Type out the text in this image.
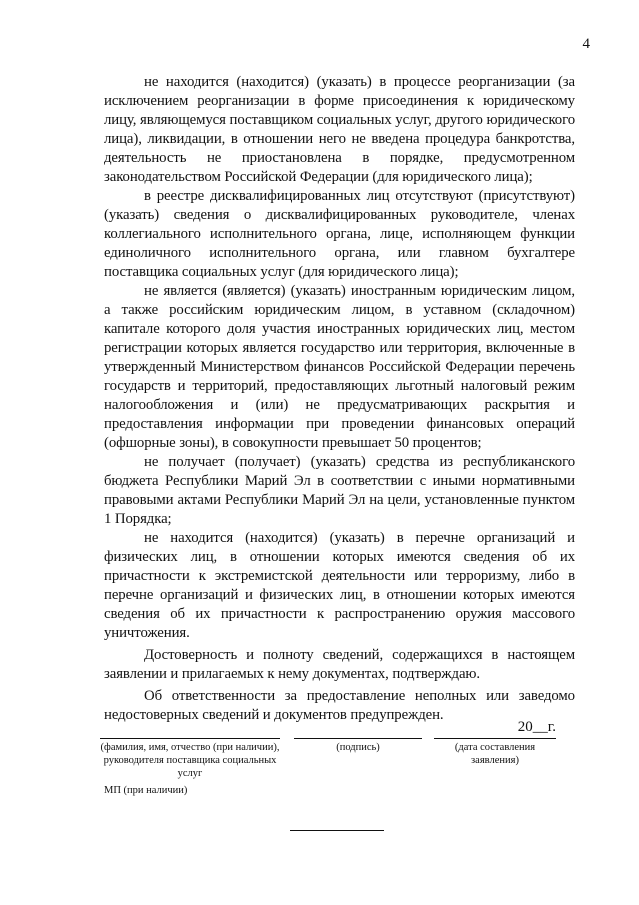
4

не находится (находится) (указать) в процессе реорганизации (за исключением реорганизации в форме присоединения к юридическому лицу, являющемуся поставщиком социальных услуг, другого юридического лица), ликвидации, в отношении него не введена процедура банкротства, деятельность не приостановлена в порядке, предусмотренном законодательством Российской Федерации (для юридического лица);

в реестре дисквалифицированных лиц отсутствуют (присутствуют) (указать) сведения о дисквалифицированных руководителе, членах коллегиального исполнительного органа, лице, исполняющем функции единоличного исполнительного органа, или главном бухгалтере поставщика социальных услуг (для юридического лица);

не является (является) (указать) иностранным юридическим лицом, а также российским юридическим лицом, в уставном (складочном) капитале которого доля участия иностранных юридических лиц, местом регистрации которых является государство или территория, включенные в утвержденный Министерством финансов Российской Федерации перечень государств и территорий, предоставляющих льготный налоговый режим налогообложения и (или) не предусматривающих раскрытия и предоставления информации при проведении финансовых операций (офшорные зоны), в совокупности превышает 50 процентов;

не получает (получает) (указать) средства из республиканского бюджета Республики Марий Эл в соответствии с иными нормативными правовыми актами Республики Марий Эл на цели, установленные пунктом 1 Порядка;

не находится (находится) (указать) в перечне организаций и физических лиц, в отношении которых имеются сведения об их причастности к экстремистской деятельности или терроризму, либо в перечне организаций и физических лиц, в отношении которых имеются сведения об их причастности к распространению оружия массового уничтожения.

Достоверность и полноту сведений, содержащихся в настоящем заявлении и прилагаемых к нему документах, подтверждаю.

Об ответственности за предоставление неполных или заведомо недостоверных сведений и документов предупрежден.

(фамилия, имя, отчество (при наличии), руководителя поставщика социальных услуг
(подпись)
20__г.
(дата составления заявления)
МП (при наличии)
